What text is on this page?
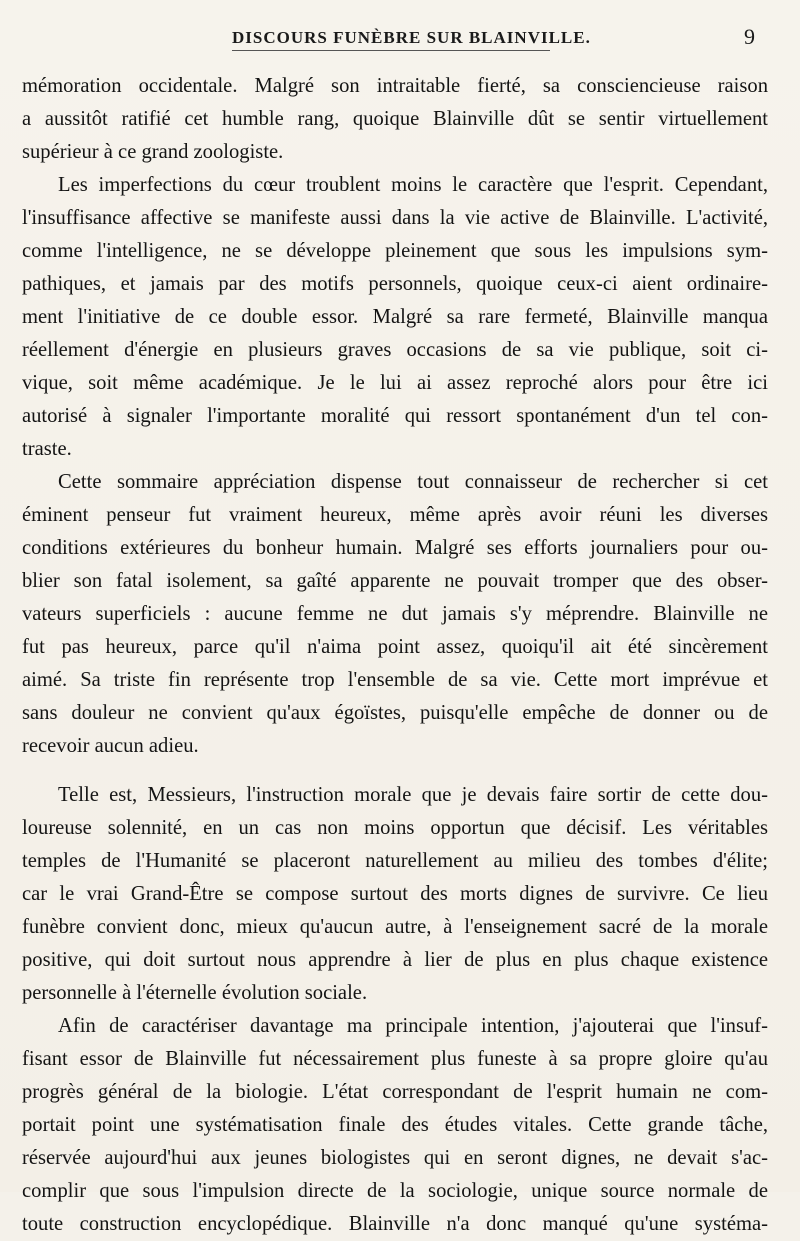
DISCOURS FUNÈBRE SUR BLAINVILLE.	9
mémoration occidentale. Malgré son intraitable fierté, sa consciencieuse raison
a aussitôt ratifié cet humble rang, quoique Blainville dût se sentir virtuellement
supérieur à ce grand zoologiste.
Les imperfections du cœur troublent moins le caractère que l'esprit. Cependant,
l'insuffisance affective se manifeste aussi dans la vie active de Blainville. L'activité,
comme l'intelligence, ne se développe pleinement que sous les impulsions sym-
pathiques, et jamais par des motifs personnels, quoique ceux-ci aient ordinaire-
ment l'initiative de ce double essor. Malgré sa rare fermeté, Blainville manqua
réellement d'énergie en plusieurs graves occasions de sa vie publique, soit ci-
vique, soit même académique. Je le lui ai assez reproché alors pour être ici
autorisé à signaler l'importante moralité qui ressort spontanément d'un tel con-
traste.
Cette sommaire appréciation dispense tout connaisseur de rechercher si cet
éminent penseur fut vraiment heureux, même après avoir réuni les diverses
conditions extérieures du bonheur humain. Malgré ses efforts journaliers pour ou-
blier son fatal isolement, sa gaîté apparente ne pouvait tromper que des obser-
vateurs superficiels : aucune femme ne dut jamais s'y méprendre. Blainville ne
fut pas heureux, parce qu'il n'aima point assez, quoiqu'il ait été sincèrement
aimé. Sa triste fin représente trop l'ensemble de sa vie. Cette mort imprévue et
sans douleur ne convient qu'aux égoïstes, puisqu'elle empêche de donner ou de
recevoir aucun adieu.
Telle est, Messieurs, l'instruction morale que je devais faire sortir de cette dou-
loureuse solennité, en un cas non moins opportun que décisif. Les véritables
temples de l'Humanité se placeront naturellement au milieu des tombes d'élite;
car le vrai Grand-Être se compose surtout des morts dignes de survivre. Ce lieu
funèbre convient donc, mieux qu'aucun autre, à l'enseignement sacré de la morale
positive, qui doit surtout nous apprendre à lier de plus en plus chaque existence
personnelle à l'éternelle évolution sociale.
Afin de caractériser davantage ma principale intention, j'ajouterai que l'insuf-
fisant essor de Blainville fut nécessairement plus funeste à sa propre gloire qu'au
progrès général de la biologie. L'état correspondant de l'esprit humain ne com-
portait point une systématisation finale des études vitales. Cette grande tâche,
réservée aujourd'hui aux jeunes biologistes qui en seront dignes, ne devait s'ac-
complir que sous l'impulsion directe de la sociologie, unique source normale de
toute construction encyclopédique. Blainville n'a donc manqué qu'une systéma-
